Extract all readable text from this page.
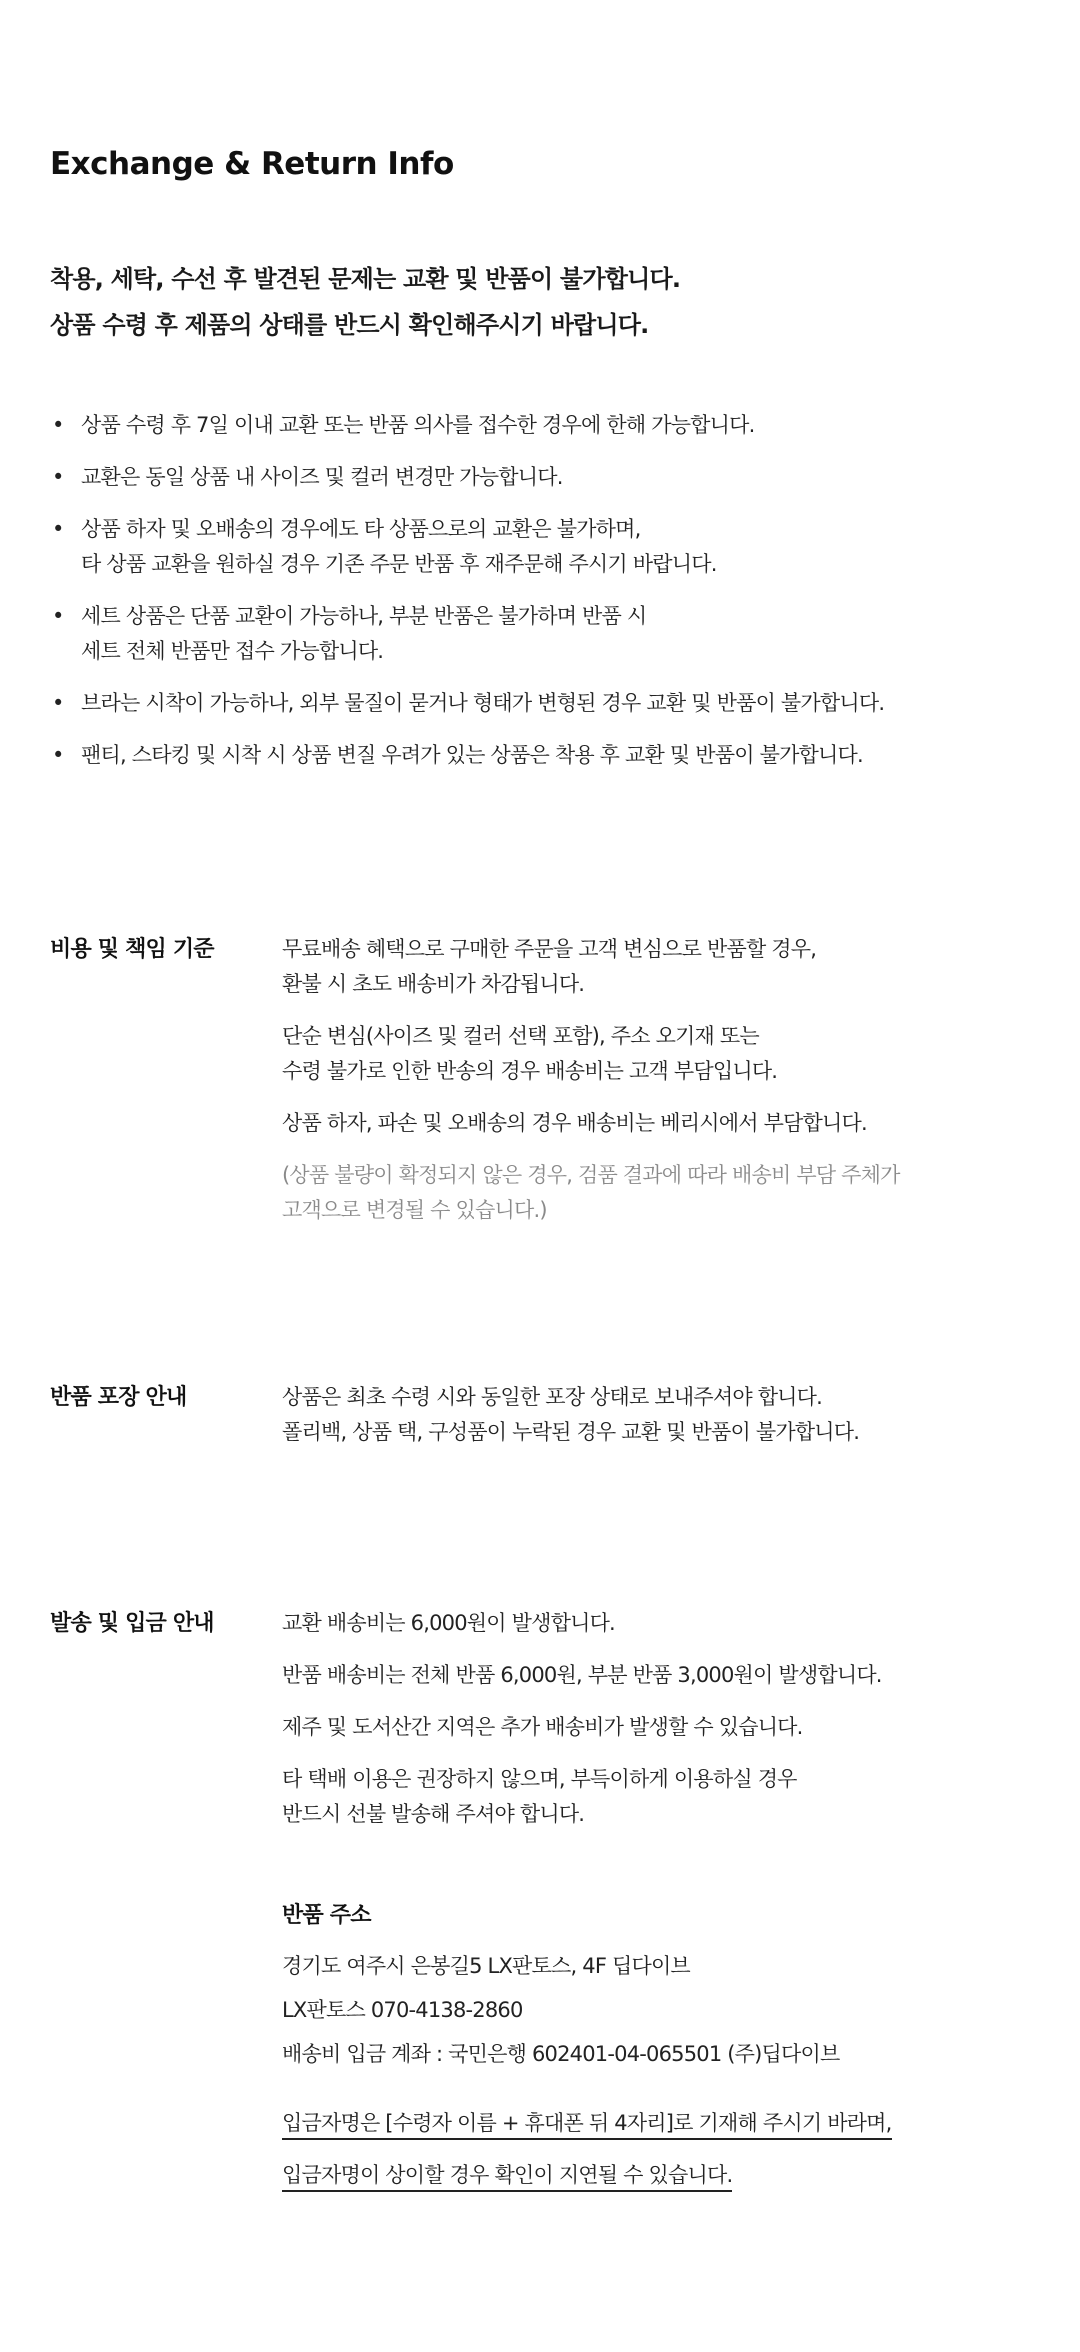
Exchange & Return Info
착용, 세탁, 수선 후 발견된 문제는 교환 및 반품이 불가합니다.
상품 수령 후 제품의 상태를 반드시 확인해주시기 바랍니다.
• 상품 수령 후 7일 이내 교환 또는 반품 의사를 접수한 경우에 한해 가능합니다.
• 교환은 동일 상품 내 사이즈 및 컬러 변경만 가능합니다.
• 상품 하자 및 오배송의 경우에도 타 상품으로의 교환은 불가하며,
타 상품 교환을 원하실 경우 기존 주문 반품 후 재주문해 주시기 바랍니다.
• 세트 상품은 단품 교환이 가능하나, 부분 반품은 불가하며 반품 시
세트 전체 반품만 접수 가능합니다.
• 브라는 시착이 가능하나, 외부 물질이 묻거나 형태가 변형된 경우 교환 및 반품이 불가합니다.
• 팬티, 스타킹 및 시착 시 상품 변질 우려가 있는 상품은 착용 후 교환 및 반품이 불가합니다.
비용 및 책임 기준	무료배송 혜택으로 구매한 주문을 고객 변심으로 반품할 경우,
환불 시 초도 배송비가 차감됩니다.
단순 변심(사이즈 및 컬러 선택 포함), 주소 오기재 또는
수령 불가로 인한 반송의 경우 배송비는 고객 부담입니다.
상품 하자, 파손 및 오배송의 경우 배송비는 베리시에서 부담합니다.
(상품 불량이 확정되지 않은 경우, 검품 결과에 따라 배송비 부담 주체가
고객으로 변경될 수 있습니다.)
반품 포장 안내	상품은 최초 수령 시와 동일한 포장 상태로 보내주셔야 합니다.
폴리백, 상품 택, 구성품이 누락된 경우 교환 및 반품이 불가합니다.
발송 및 입금 안내	교환 배송비는 6,000원이 발생합니다.
반품 배송비는 전체 반품 6,000원, 부분 반품 3,000원이 발생합니다.
제주 및 도서산간 지역은 추가 배송비가 발생할 수 있습니다.
타 택배 이용은 권장하지 않으며, 부득이하게 이용하실 경우
반드시 선불 발송해 주셔야 합니다.
반품 주소
경기도 여주시 은봉길5 LX판토스, 4F 딥다이브
LX판토스 070-4138-2860
배송비 입금 계좌 : 국민은행 602401-04-065501 (주)딥다이브
입금자명은 [수령자 이름 + 휴대폰 뒤 4자리]로 기재해 주시기 바라며,
입금자명이 상이할 경우 확인이 지연될 수 있습니다.
